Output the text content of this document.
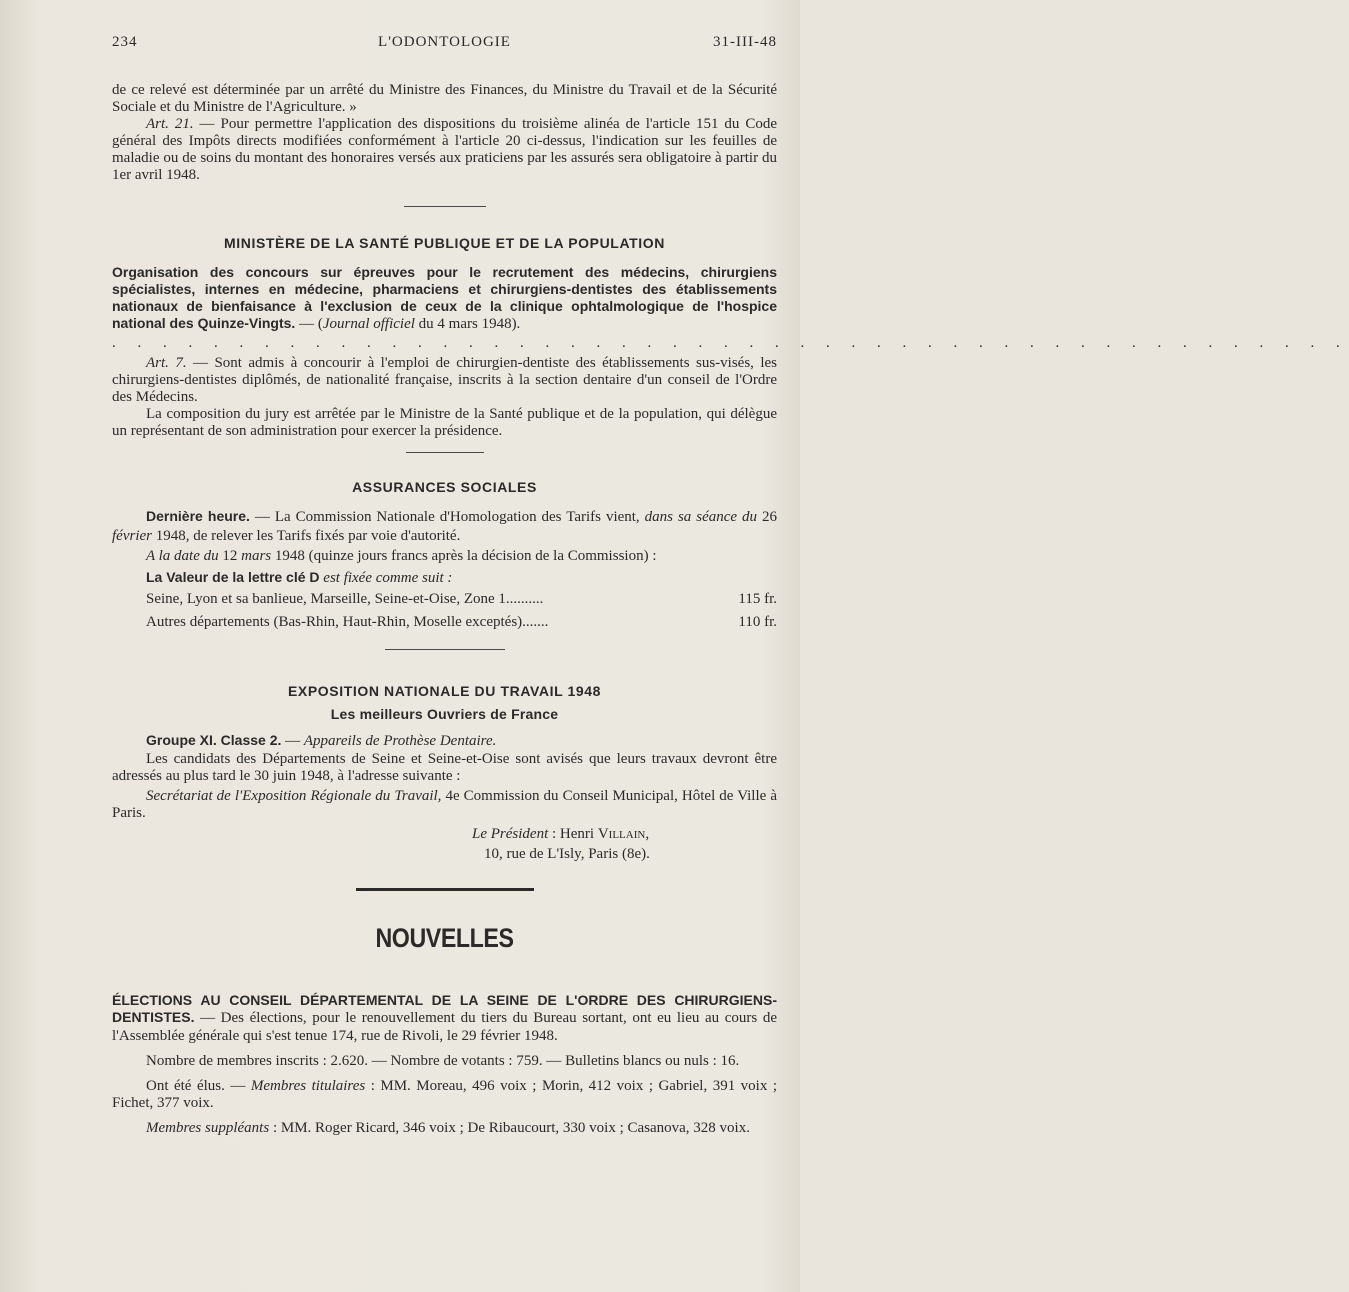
234	L'ODONTOLOGIE	31-III-48

de ce relevé est déterminée par un arrêté du Ministre des Finances, du Ministre du Travail et de la Sécurité Sociale et du Ministre de l'Agriculture. »

Art. 21. — Pour permettre l'application des dispositions du troisième alinéa de l'article 151 du Code général des Impôts directs modifiées conformément à l'article 20 ci-dessus, l'indication sur les feuilles de maladie ou de soins du montant des honoraires versés aux praticiens par les assurés sera obligatoire à partir du 1er avril 1948.

MINISTÈRE DE LA SANTÉ PUBLIQUE ET DE LA POPULATION

Organisation des concours sur épreuves pour le recrutement des médecins, chirurgiens spécialistes, internes en médecine, pharmaciens et chirurgiens-dentistes des établissements nationaux de bienfaisance à l'exclusion de ceux de la clinique ophtalmologique de l'hospice national des Quinze-Vingts. — (Journal officiel du 4 mars 1948).

. . . . . . . . . . . . . . . . . . . . . . . . . . . . . . . . . . . . . . . . . . . . . . . . .

Art. 7. — Sont admis à concourir à l'emploi de chirurgien-dentiste des établissements sus-visés, les chirurgiens-dentistes diplômés, de nationalité française, inscrits à la section dentaire d'un conseil de l'Ordre des Médecins.

La composition du jury est arrêtée par le Ministre de la Santé publique et de la population, qui délègue un représentant de son administration pour exercer la présidence.

ASSURANCES SOCIALES

Dernière heure. — La Commission Nationale d'Homologation des Tarifs vient, dans sa séance du 26 février 1948, de relever les Tarifs fixés par voie d'autorité.

A la date du 12 mars 1948 (quinze jours francs après la décision de la Commission) :

La Valeur de la lettre clé D est fixée comme suit :

Seine, Lyon et sa banlieue, Marseille, Seine-et-Oise, Zone 1..........	115 fr.
Autres départements (Bas-Rhin, Haut-Rhin, Moselle exceptés).......	110 fr.
EXPOSITION NATIONALE DU TRAVAIL 1948
Les meilleurs Ouvriers de France

Groupe XI. Classe 2. — Appareils de Prothèse Dentaire.

Les candidats des Départements de Seine et Seine-et-Oise sont avisés que leurs travaux devront être adressés au plus tard le 30 juin 1948, à l'adresse suivante :

Secrétariat de l'Exposition Régionale du Travail, 4e Commission du Conseil Municipal, Hôtel de Ville à Paris.

Le Président : Henri Villain,
10, rue de L'Isly, Paris (8e).
NOUVELLES

ÉLECTIONS AU CONSEIL DÉPARTEMENTAL DE LA SEINE DE L'ORDRE DES CHIRURGIENS-DENTISTES. — Des élections, pour le renouvellement du tiers du Bureau sortant, ont eu lieu au cours de l'Assemblée générale qui s'est tenue 174, rue de Rivoli, le 29 février 1948.

Nombre de membres inscrits : 2.620. — Nombre de votants : 759. — Bulletins blancs ou nuls : 16.

Ont été élus. — Membres titulaires : MM. Moreau, 496 voix ; Morin, 412 voix ; Gabriel, 391 voix ; Fichet, 377 voix.

Membres suppléants : MM. Roger Ricard, 346 voix ; De Ribaucourt, 330 voix ; Casanova, 328 voix.
